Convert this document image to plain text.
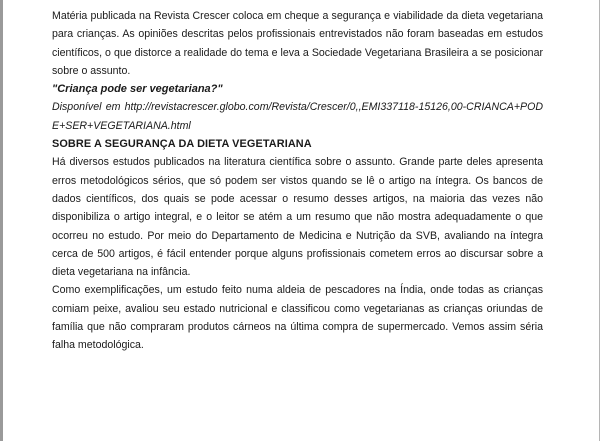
Matéria publicada na Revista Crescer coloca em cheque a segurança e viabilidade da dieta vegetariana para crianças. As opiniões descritas pelos profissionais entrevistados não foram baseadas em estudos científicos, o que distorce a realidade do tema e leva a Sociedade Vegetariana Brasileira a se posicionar sobre o assunto.

"Criança pode ser vegetariana?"

Disponível em http://revistacrescer.globo.com/Revista/Crescer/0,,EMI337118-15126,00-CRIANCA+PODE+SER+VEGETARIANA.html

SOBRE A SEGURANÇA DA DIETA VEGETARIANA

Há diversos estudos publicados na literatura científica sobre o assunto. Grande parte deles apresenta erros metodológicos sérios, que só podem ser vistos quando se lê o artigo na íntegra. Os bancos de dados científicos, dos quais se pode acessar o resumo desses artigos, na maioria das vezes não disponibiliza o artigo integral, e o leitor se atém a um resumo que não mostra adequadamente o que ocorreu no estudo. Por meio do Departamento de Medicina e Nutrição da SVB, avaliando na íntegra cerca de 500 artigos, é fácil entender porque alguns profissionais cometem erros ao discursar sobre a dieta vegetariana na infância.

Como exemplificações, um estudo feito numa aldeia de pescadores na Índia, onde todas as crianças comiam peixe, avaliou seu estado nutricional e classificou como vegetarianas as crianças oriundas de família que não compraram produtos cárneos na última compra de supermercado. Vemos assim séria falha metodológica.
